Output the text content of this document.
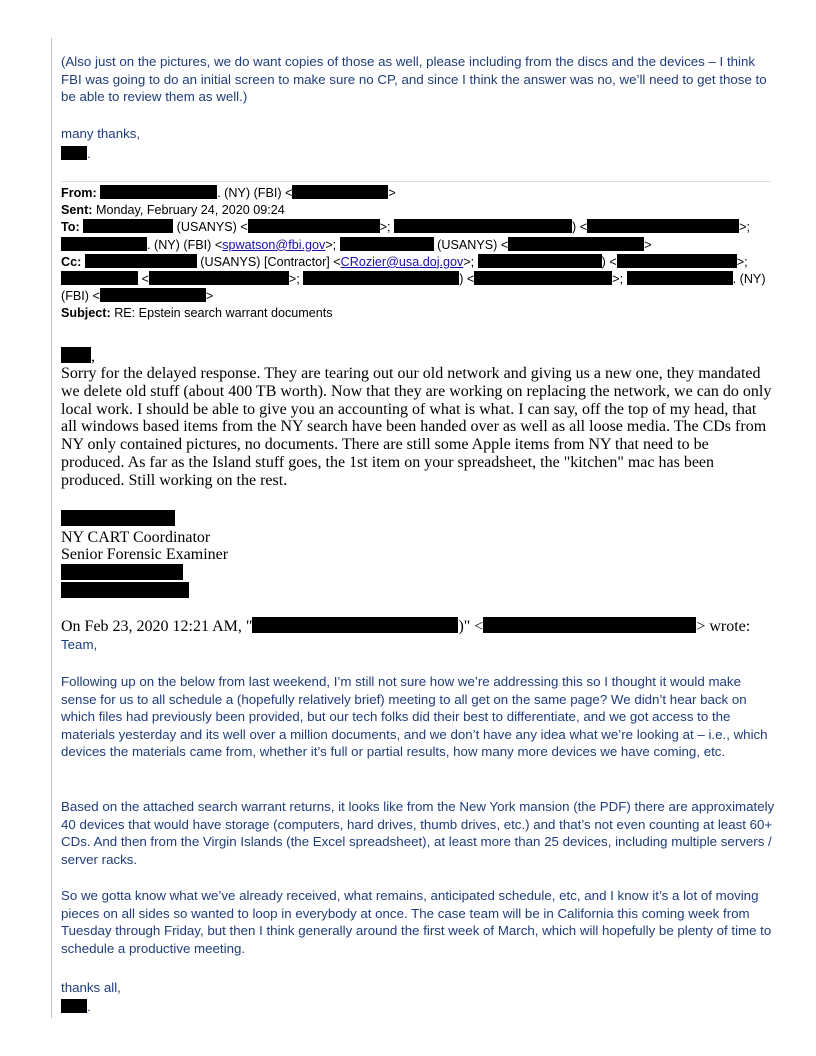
(Also just on the pictures, we do want copies of those as well, please including from the discs and the devices – I think FBI was going to do an initial screen to make sure no CP, and since I think the answer was no, we’ll need to get those to be able to review them as well.)

many thanks,

.
From:	. (NY) (FBI) <	>
Sent: Monday, February 24, 2020 09:24
To:	(USANYS) <	>;	) <	>;
. (NY) (FBI) <spwatson@fbi.gov>;	(USANYS) <	>
Cc:	(USANYS) [Contractor] <CRozier@usa.doj.gov>;	) <	>;
<	>;	) <	>;	. (NY)
(FBI) <	>
Subject: RE: Epstein search warrant documents
,

Sorry for the delayed response. They are tearing out our old network and giving us a new one, they mandated we delete old stuff (about 400 TB worth). Now that they are working on replacing the network, we can do only local work. I should be able to give you an accounting of what is what. I can say, off the top of my head, that all windows based items from the NY search have been handed over as well as all loose media. The CDs from NY only contained pictures, no documents. There are still some Apple items from NY that need to be produced. As far as the Island stuff goes, the 1st item on your spreadsheet, the "kitchen" mac has been produced. Still working on the rest.

NY CART Coordinator
Senior Forensic Examiner
On Feb 23, 2020 12:21 AM, "	)" <	> wrote:

Team,

Following up on the below from last weekend, I’m still not sure how we’re addressing this so I thought it would make sense for us to all schedule a (hopefully relatively brief) meeting to all get on the same page? We didn’t hear back on which files had previously been provided, but our tech folks did their best to differentiate, and we got access to the materials yesterday and its well over a million documents, and we don’t have any idea what we’re looking at – i.e., which devices the materials came from, whether it’s full or partial results, how many more devices we have coming, etc.

Based on the attached search warrant returns, it looks like from the New York mansion (the PDF) there are approximately 40 devices that would have storage (computers, hard drives, thumb drives, etc.) and that’s not even counting at least 60+ CDs. And then from the Virgin Islands (the Excel spreadsheet), at least more than 25 devices, including multiple servers / server racks.

So we gotta know what we’ve already received, what remains, anticipated schedule, etc, and I know it’s a lot of moving pieces on all sides so wanted to loop in everybody at once. The case team will be in California this coming week from Tuesday through Friday, but then I think generally around the first week of March, which will hopefully be plenty of time to schedule a productive meeting.

thanks all,

.
